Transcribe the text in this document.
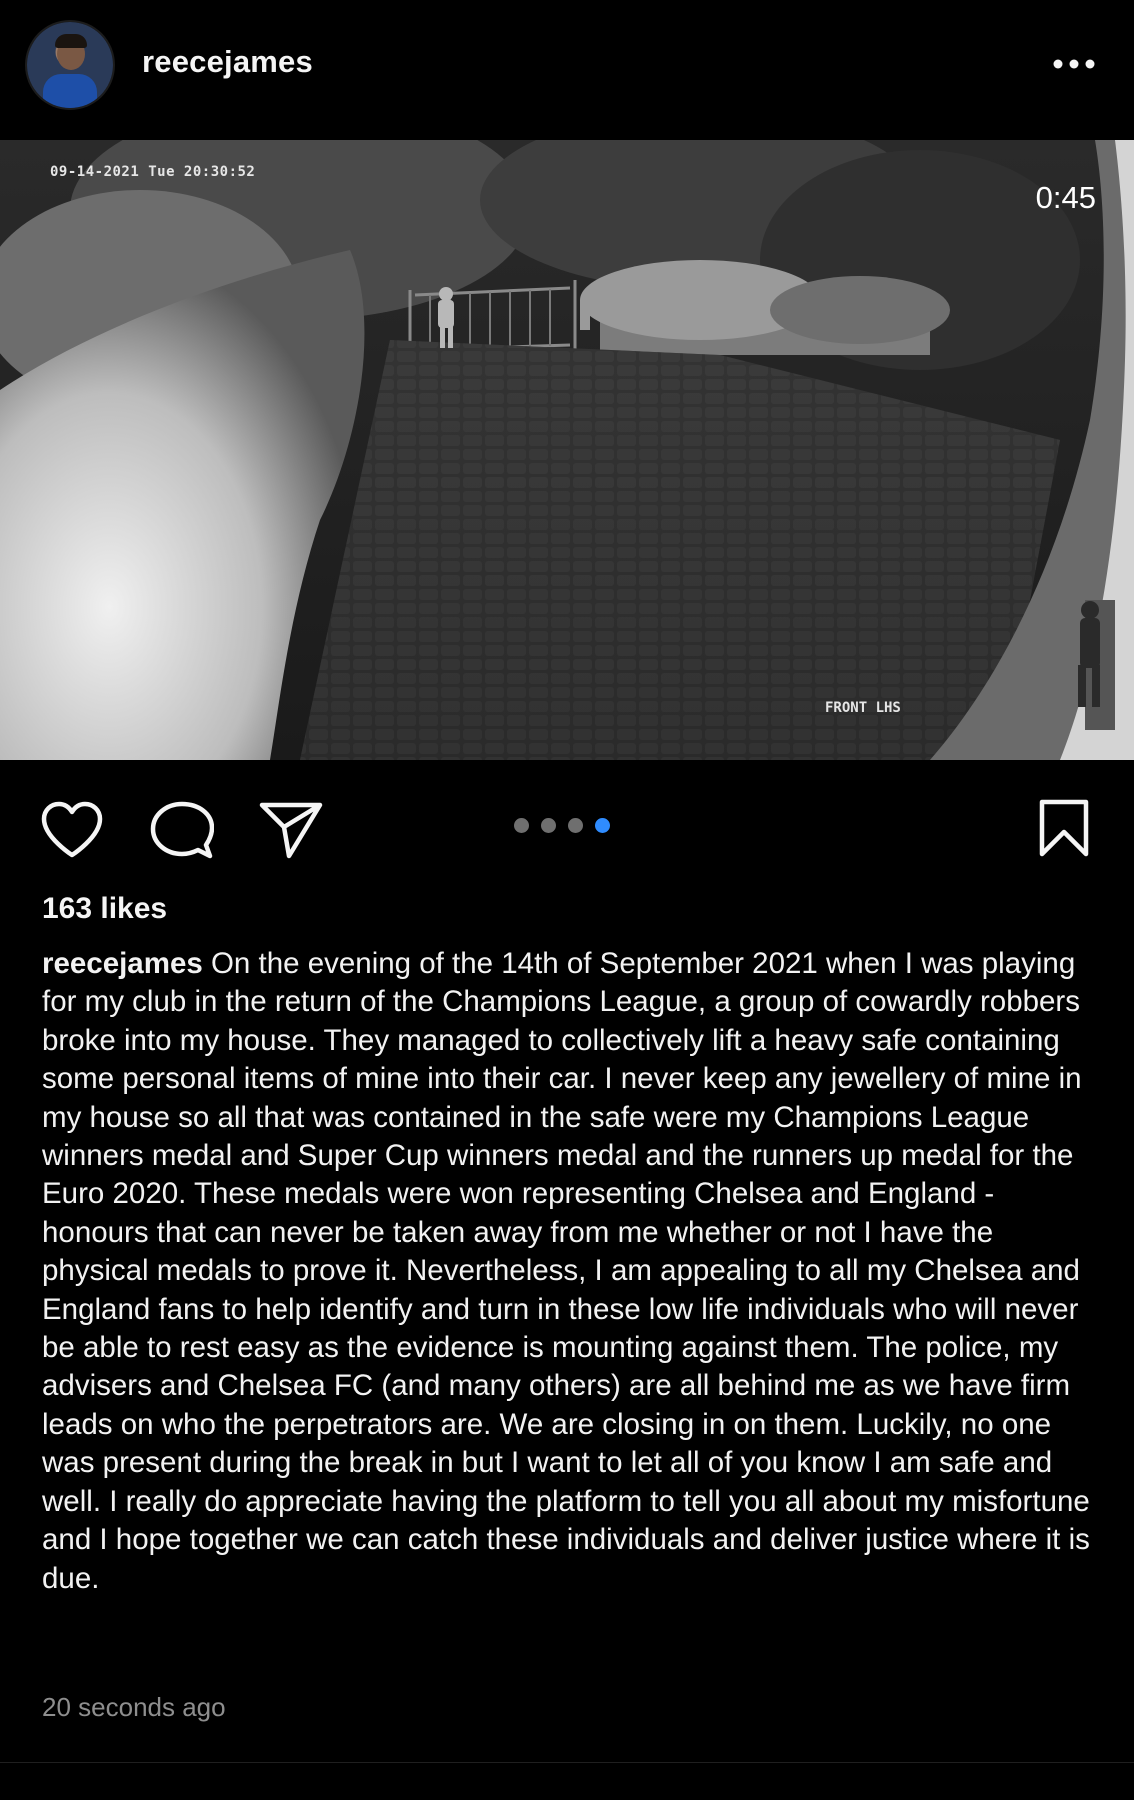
reecejames
09-14-2021 Tue 20:30:52
FRONT LHS
0:45
163 likes
reecejames On the evening of the 14th of September 2021 when I was playing for my club in the return of the Champions League, a group of cowardly robbers broke into my house. They managed to collectively lift a heavy safe containing some personal items of mine into their car. I never keep any jewellery of mine in my house so all that was contained in the safe were my Champions League winners medal and Super Cup winners medal and the runners up medal for the Euro 2020. These medals were won representing Chelsea and England - honours that can never be taken away from me whether or not I have the physical medals to prove it. Nevertheless, I am appealing to all my Chelsea and England fans to help identify and turn in these low life individuals who will never be able to rest easy as the evidence is mounting against them. The police, my advisers and Chelsea FC (and many others) are all behind me as we have firm leads on who the perpetrators are. We are closing in on them. Luckily, no one was present during the break in but I want to let all of you know I am safe and well. I really do appreciate having the platform to tell you all about my misfortune and I hope together we can catch these individuals and deliver justice where it is due.
20 seconds ago
